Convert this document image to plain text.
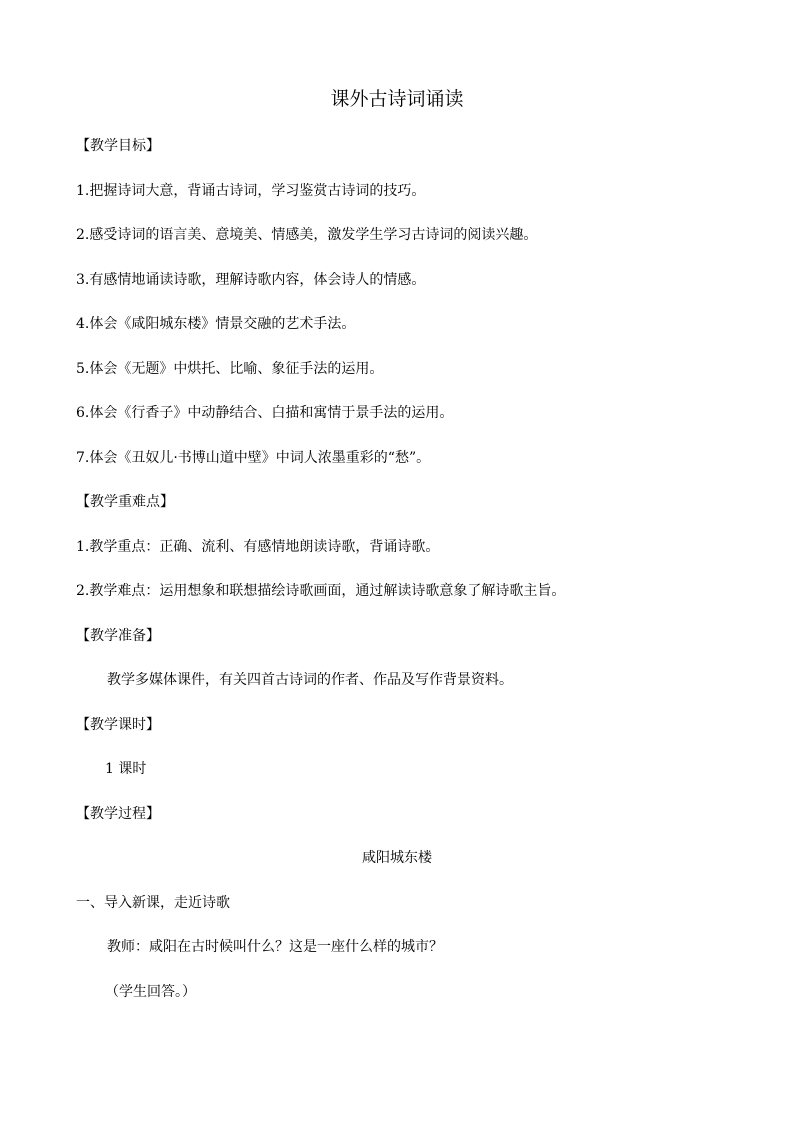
课外古诗词诵读
【教学目标】
1.把握诗词大意，背诵古诗词，学习鉴赏古诗词的技巧。
2.感受诗词的语言美、意境美、情感美，激发学生学习古诗词的阅读兴趣。
3.有感情地诵读诗歌，理解诗歌内容，体会诗人的情感。
4.体会《咸阳城东楼》情景交融的艺术手法。
5.体会《无题》中烘托、比喻、象征手法的运用。
6.体会《行香子》中动静结合、白描和寓情于景手法的运用。
7.体会《丑奴儿·书博山道中壁》中词人浓墨重彩的“愁”。
【教学重难点】
1.教学重点：正确、流利、有感情地朗读诗歌，背诵诗歌。
2.教学难点：运用想象和联想描绘诗歌画面，通过解读诗歌意象了解诗歌主旨。
【教学准备】
教学多媒体课件，有关四首古诗词的作者、作品及写作背景资料。
【教学课时】
1 课时
【教学过程】
咸阳城东楼
一、导入新课，走近诗歌
教师：咸阳在古时候叫什么？这是一座什么样的城市？
（学生回答。）
